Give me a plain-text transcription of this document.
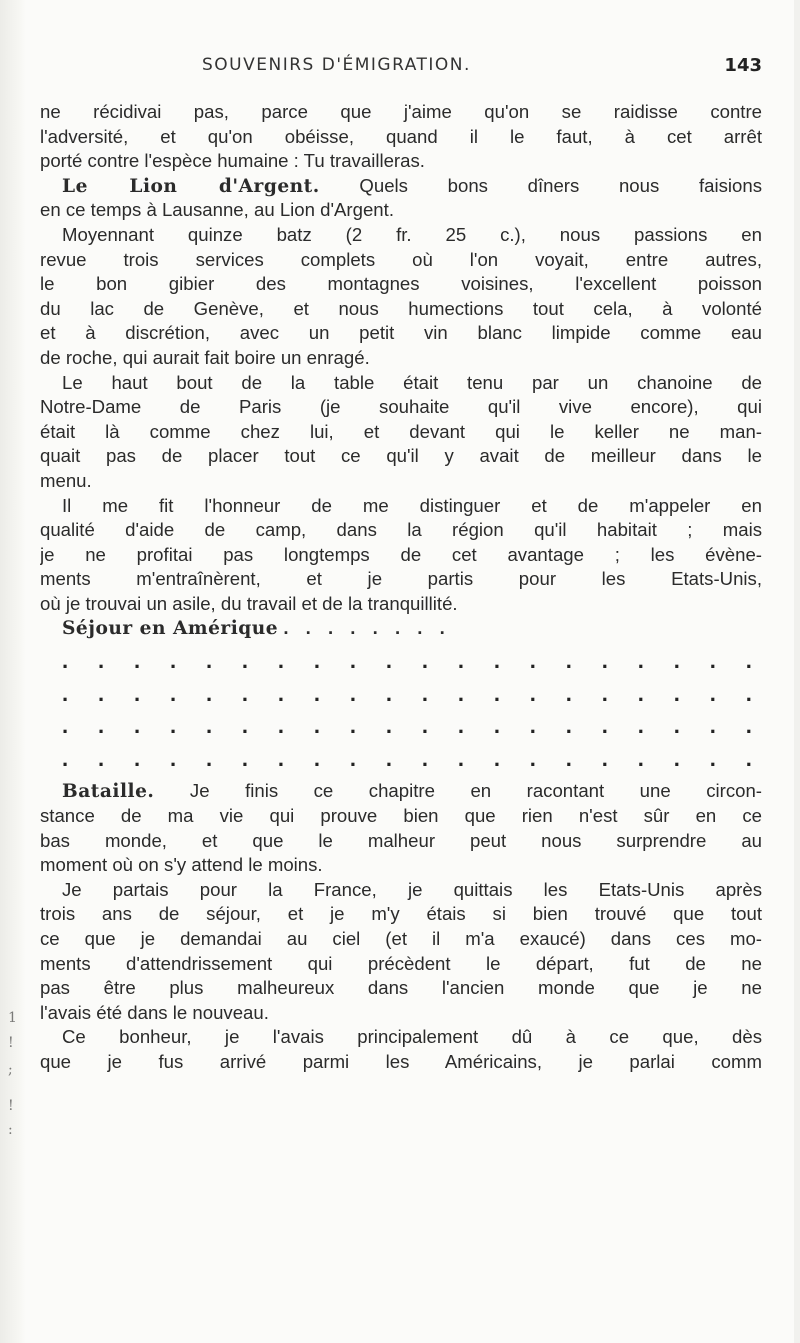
1
!
;
!
:
SOUVENIRS D'ÉMIGRATION.	143
ne récidivai pas, parce que j'aime qu'on se raidisse contre
l'adversité, et qu'on obéisse, quand il le faut, à cet arrêt
porté contre l'espèce humaine : Tu travailleras.
Le Lion d'Argent. Quels bons dîners nous faisions
en ce temps à Lausanne, au Lion d'Argent.
Moyennant quinze batz (2 fr. 25 c.), nous passions en
revue trois services complets où l'on voyait, entre autres,
le bon gibier des montagnes voisines, l'excellent poisson
du lac de Genève, et nous humections tout cela, à volonté
et à discrétion, avec un petit vin blanc limpide comme eau
de roche, qui aurait fait boire un enragé.
Le haut bout de la table était tenu par un chanoine de
Notre-Dame de Paris (je souhaite qu'il vive encore), qui
était là comme chez lui, et devant qui le keller ne man-
quait pas de placer tout ce qu'il y avait de meilleur dans le
menu.
Il me fit l'honneur de me distinguer et de m'appeler en
qualité d'aide de camp, dans la région qu'il habitait ; mais
je ne profitai pas longtemps de cet avantage ; les évène-
ments m'entraînèrent, et je partis pour les Etats-Unis,
où je trouvai un asile, du travail et de la tranquillité.
Séjour en Amérique . . . . . . . .
. . . . . . . . . . . . . . . . . . . .
. . . . . . . . . . . . . . . . . . . .
. . . . . . . . . . . . . . . . . . . .
. . . . . . . . . . . . . . . . . . . .
Bataille. Je finis ce chapitre en racontant une circon-
stance de ma vie qui prouve bien que rien n'est sûr en ce
bas monde, et que le malheur peut nous surprendre au
moment où on s'y attend le moins.
Je partais pour la France, je quittais les Etats-Unis après
trois ans de séjour, et je m'y étais si bien trouvé que tout
ce que je demandai au ciel (et il m'a exaucé) dans ces mo-
ments d'attendrissement qui précèdent le départ, fut de ne
pas être plus malheureux dans l'ancien monde que je ne
l'avais été dans le nouveau.
Ce bonheur, je l'avais principalement dû à ce que, dès
que je fus arrivé parmi les Américains, je parlai comm
